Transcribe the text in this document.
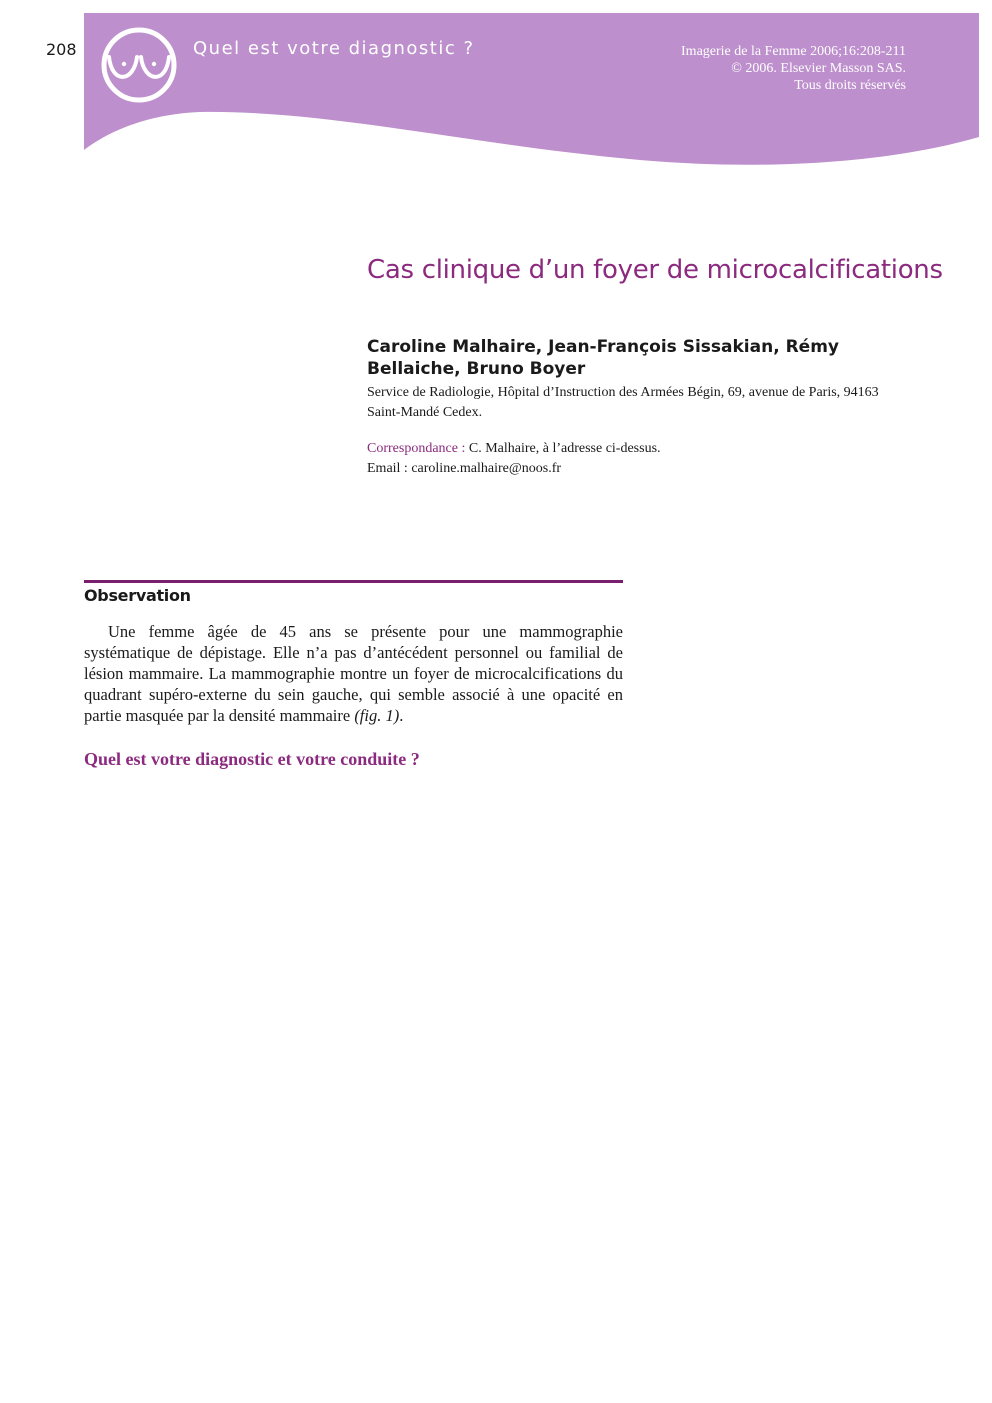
208	Quel est votre diagnostic ?	Imagerie de la Femme 2006;16:208-211
© 2006. Elsevier Masson SAS.
Tous droits réservés
Cas clinique d’un foyer de microcalcifications
Caroline Malhaire, Jean-François Sissakian, Rémy Bellaiche, Bruno Boyer
Service de Radiologie, Hôpital d’Instruction des Armées Bégin, 69, avenue de Paris, 94163 Saint-Mandé Cedex.
Correspondance : C. Malhaire, à l’adresse ci-dessus.
Email : caroline.malhaire@noos.fr
Observation

Une femme âgée de 45 ans se présente pour une mammographie systématique de dépistage. Elle n’a pas d’antécédent personnel ou familial de lésion mammaire. La mammographie montre un foyer de microcalcifications du quadrant supéro-externe du sein gauche, qui semble associé à une opacité en partie masquée par la densité mammaire (fig. 1).

Quel est votre diagnostic et votre conduite ?
